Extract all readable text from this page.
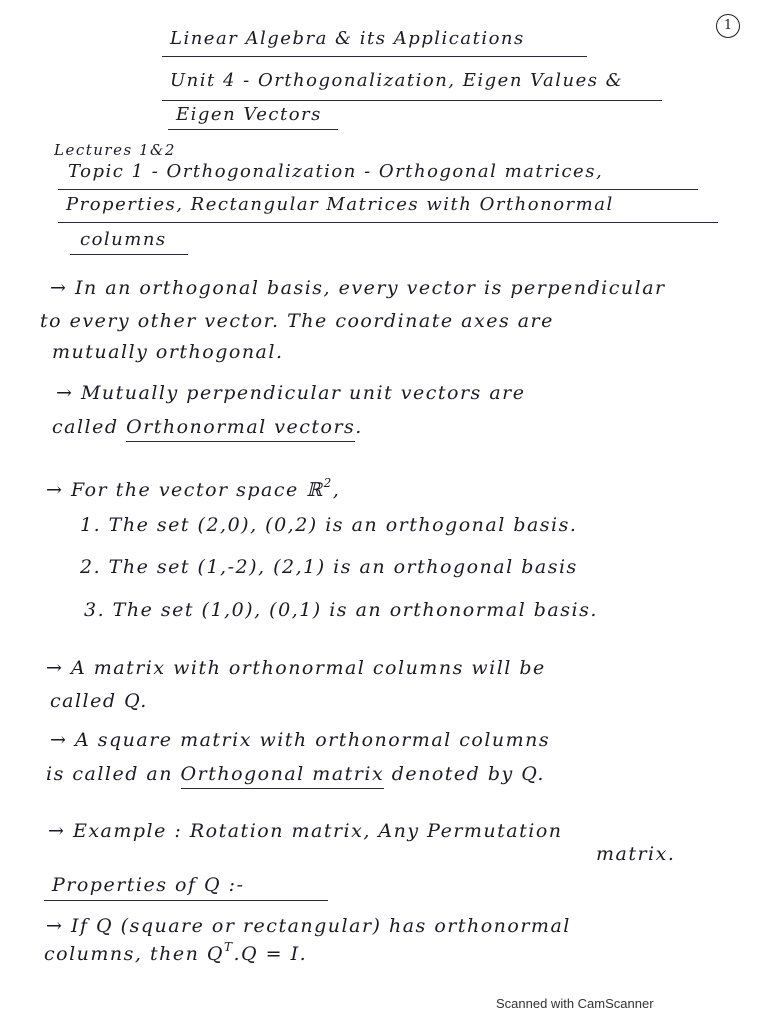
1
Linear Algebra & its Applications
Unit 4 - Orthogonalization, Eigen Values &
Eigen Vectors
Lectures 1&2
Topic 1 - Orthogonalization - Orthogonal matrices,
Properties, Rectangular Matrices with Orthonormal
columns
→ In an orthogonal basis, every vector is perpendicular
to every other vector. The coordinate axes are
mutually orthogonal.
→ Mutually perpendicular unit vectors are
called Orthonormal vectors.
→ For the vector space ℝ$^2$,
1. The set (2,0), (0,2) is an orthogonal basis.
2. The set (1,-2), (2,1) is an orthogonal basis
3. The set (1,0), (0,1) is an orthonormal basis.
→ A matrix with orthonormal columns will be
called Q.
→ A square matrix with orthonormal columns
is called an Orthogonal matrix denoted by Q.
→ Example : Rotation matrix, Any Permutation
matrix.
Properties of Q :-
→ If Q (square or rectangular) has orthonormal
columns, then $Q^T.Q = I$.
Scanned with CamScanner
